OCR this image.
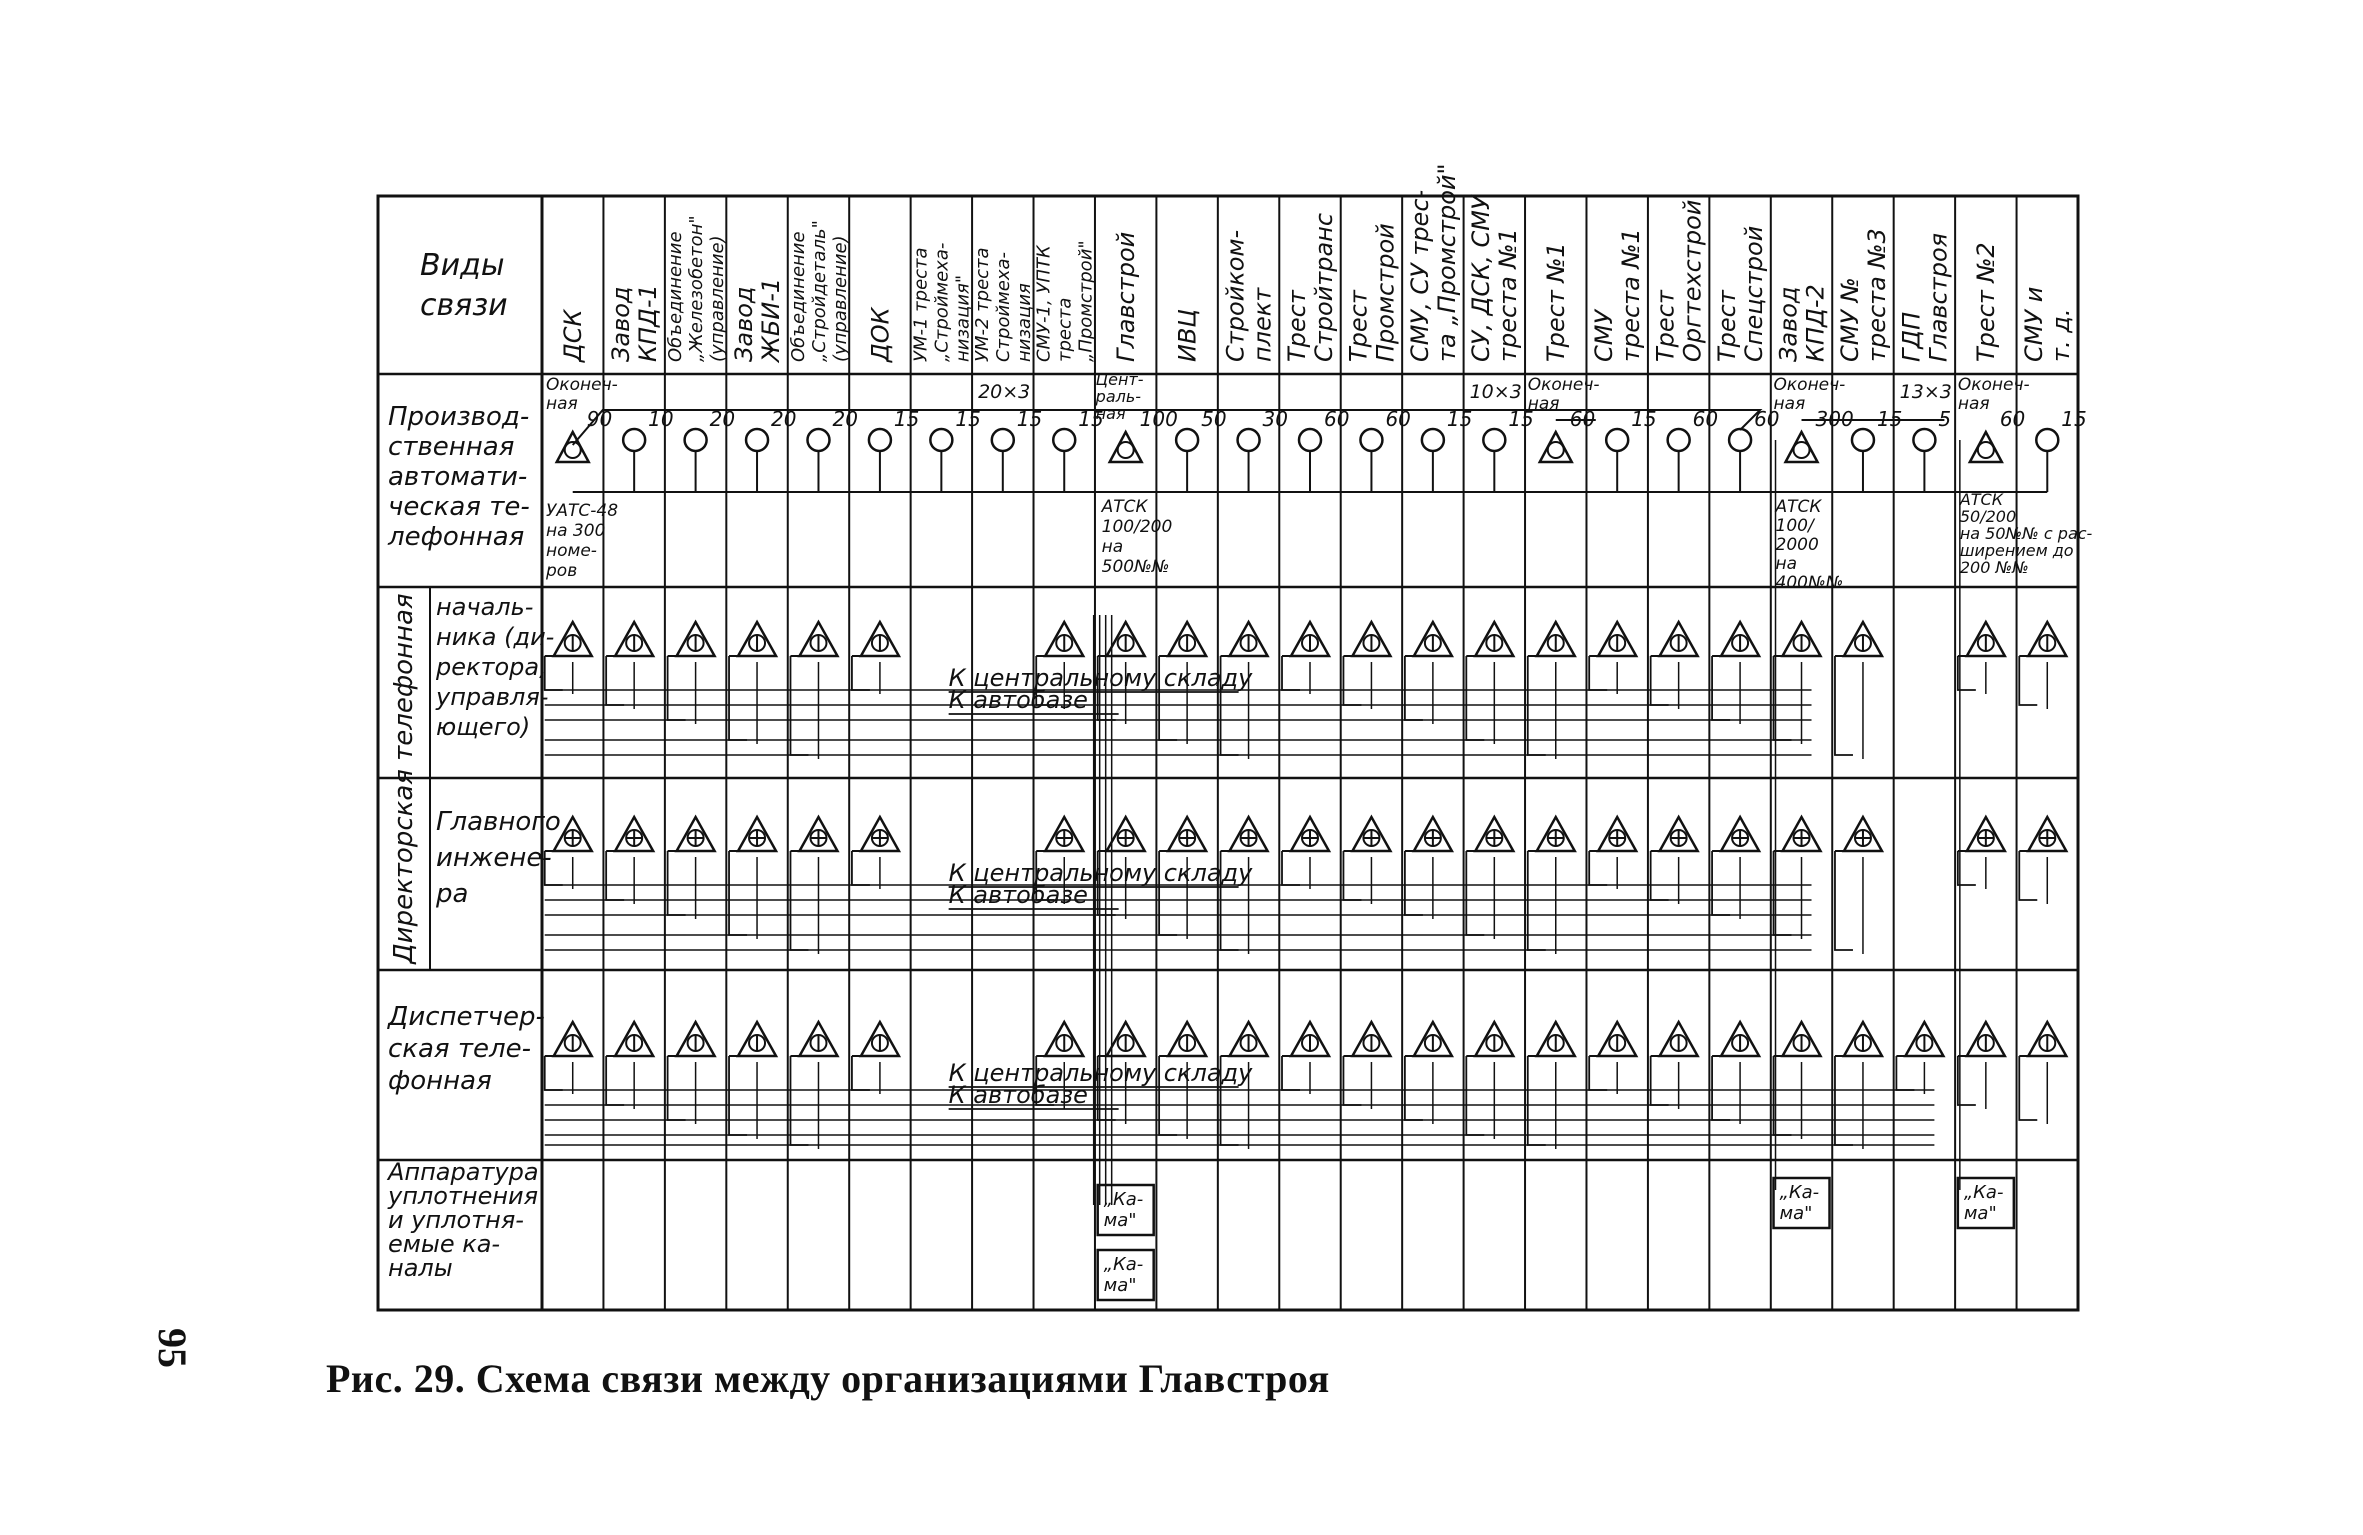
Виды
связи
ДСК Завод КПД-1 Объединение „Железобетон" (управление) Завод ЖБИ-1 Объединение „Стройдеталь" (управление) ДОК УМ-1 треста „Строймеха- низация"
УМ-2 треста Строймеха- низация
СМУ-1, УПТК треста „Промстрой" Главстрой ИВЦ Стройком- плект Трест Стройтранс Трест Промстрой СМУ, СУ трес- та „Промстрой" СУ, ДСК, СМУ треста №1 Трест №1 СМУ треста №1 Трест Оргтехстрой Трест Спецстрой Завод КПД-2 СМУ № треста №3 ГДП Главстроя Трест №2 СМУ и
т. д.
Производ-
ственная
автомати-
ческая те-
лефонная
Директорская телефонная началь-
ника (ди-
ректора,
управля-
ющего)
Главного
инжене-
ра
Диспетчер-
ская теле-
фонная
Аппаратура
уплотнения
и уплотня-
емые ка-
налы
90 10 20 20 20 15 15 15 15 100 50 30 60 60 15 15 60 15 60 60 300 15 5 60 15
Оконеч-
ная
УАТС-48
на 300
номе-
ров
Цент-
раль-
ная
АТСК
100/200
на
500№№
Оконеч-
ная
Оконеч-
ная
АТСК
100/
2000
на
400№№
Оконеч-
ная
АТСК
50/200
на 50№№ с рас-
ширением до
200 №№
20×3	10×3	13×3
К центральному складу
К автобазе
К центральному складу
К автобазе
К центральному складу
К автобазе
„Ка-
ма"
„Ка-
ма"
„Ка-
ма"
„Ка-
ма"
95
Рис. 29. Схема связи между организациями Главстроя
